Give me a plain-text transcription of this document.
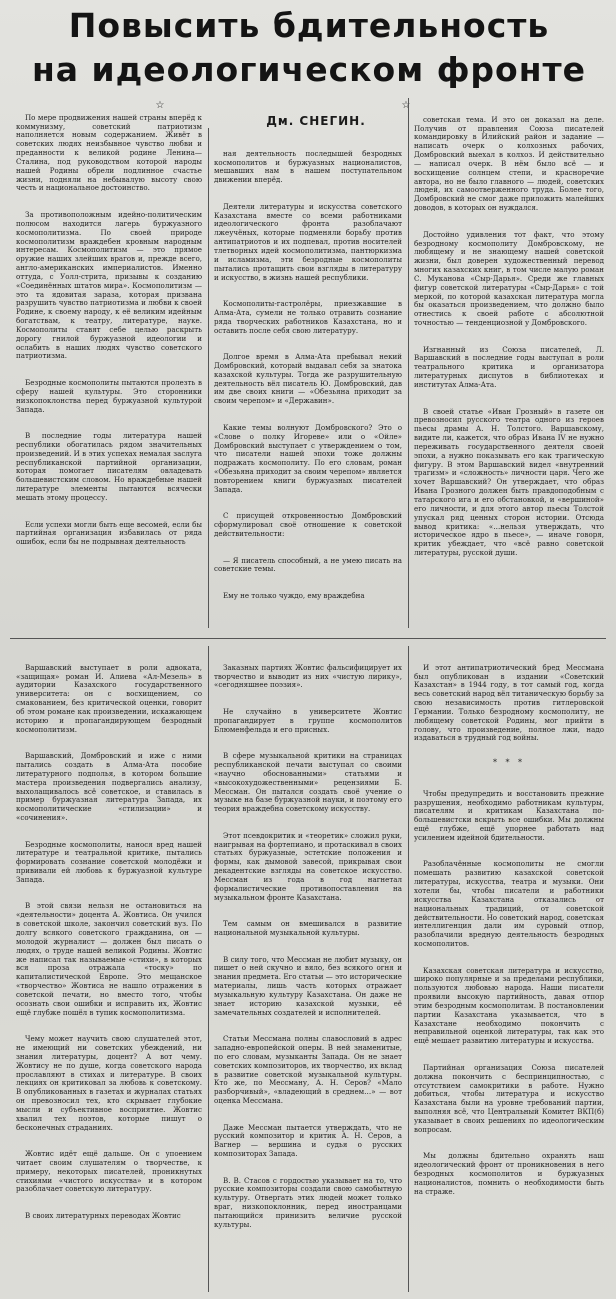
Повысить бдительность
на идеологическом фронте
☆
Дм. СНЕГИН.
☆

По мере продвижения нашей страны вперёд к коммунизму, советский патриотизм наполняется новым содержанием. Живёт в советских людях неизбывное чувство любви и преданности к великой родине Ленина—Сталина, под руководством которой народы нашей Родины обрели подлинное счастье жизни, подняли на небывалую высоту свою честь и национальное достоинство.

За противоположным идейно-политическим полюсом находится лагерь буржуазного космополитизма. По своей природе космополитизм враждебен кровным народным интересам. Космополитизм — это прямое оружие наших злейших врагов и, прежде всего, англо-американских империалистов. Именно оттуда, с Уолл-стрита, призывы к созданию «Соединённых штатов мира». Космополитизм — это та ядовитая зараза, которая призвана разрушить чувство патриотизма и любви к своей Родине, к своему народу, к её великим идейным богатствам, к театру, литературе, науке. Космополиты ставят себе целью раскрыть дорогу гнилой буржуазной идеологии и ослабить в наших людях чувство советского патриотизма.

Безродные космополиты пытаются пролезть в сферу нашей культуры. Это сторонники низкопоклонства перед буржуазной культурой Запада.

В последние годы литература нашей республики обогатилась рядом значительных произведений. И в этих успехах немалая заслуга республиканской партийной организации, которая помогает писателям овладевать большевистским словом. Но враждебные нашей литературе элементы пытаются всячески мешать этому процессу.

Если успехи могли быть еще весомей, если бы партийная организация избавилась от ряда ошибок, если бы не подрывная деятельность

ная деятельность последышей безродных космополитов и буржуазных националистов, мешавших нам в нашем поступательном движении вперёд.

Деятели литературы и искусства советского Казахстана вместе со всеми работниками идеологического фронта разоблачают лжеучёных, которые подменяли борьбу против антипатриотов и их подпевал, против носителей тлетворных идей космополитизма, пантюркизма и исламизма, эти безродные космополиты пытались протащить свои взгляды в литературу и искусство, в жизнь нашей республики.

Космополиты-гастролёры, приезжавшие в Алма-Ата, сумели не только отравить сознание ряда творческих работников Казахстана, но и оставить после себя свою литературу.

Долгое время в Алма-Ата пребывал некий Домбровский, который выдавал себя за знатока казахской культуры. Тогда же разрушительную деятельность вёл писатель Ю. Домбровский, дав им две своих книги — «Обезьяна приходит за своим черепом» и «Державин».

Какие темы волнуют Домбровского? Это о «Слове о полку Игореве» или о «Ойле» Домбровский выступает с утверждением о том, что писатели нашей эпохи тоже должны подражать космополиту. По его словам, роман «Обезьяна приходит за своим черепом» является повторением книги буржуазных писателей Запада.

С присущей откровенностью Домбровский сформулировал своё отношение к советской действительности:

— Я писатель способный, а не умею писать на советские темы.

Ему не только чуждо, ему враждебна

советская тема. И это он доказал на деле. Получив от правления Союза писателей командировку в Илийский район и задание — написать очерк о колхозных рабочих, Домбровский выехал в колхоз. И действительно — написал очерк. В нём было всё — и восхищение солнцем степи, и красноречие автора, но не было главного — людей, советских людей, их самоотверженного труда. Более того, Домбровский не смог даже приложить малейших доводов, в которых он нуждался.

Достойно удивления тот факт, что этому безродному космополиту Домбровскому, не любящему и не знающему нашей советской жизни, был доверен художественный перевод многих казахских книг, в том числе малую роман С. Муканова «Сыр-Дарья». Среди же главных фигур советской литературы «Сыр-Дарья» с той меркой, по которой казахская литература могла бы оказаться произведением, что должно было отнестись к своей работе с абсолютной точностью — тенденциозной у Домбровского.

Изгнанный из Союза писателей, Л. Варшавский в последние годы выступал в роли театрального критика и организатора литературных диспутов в библиотеках и институтах Алма-Ата.

В своей статье «Иван Грозный» в газете он превозносил русского театра одного из героев пьесы драмы А. Н. Толстого. Варшавскому, видите ли, кажется, что образ Ивана IV не нужно переживать государственного деятеля своей эпохи, а нужно показывать его как трагическую фигуру. В этом Варшавский видел «внутренний трагизм» и «сложность» личности царя. Чего же хочет Варшавский? Он утверждает, что образ Ивана Грозного должен быть правдоподобным с татарского ига и его обстановкой, и «вершиной» его личности, и для этого автор пьесы Толстой упускал ряд ценных сторон истории. Отсюда вывод критика: «…нельзя утверждать, что историческое ядро в пьесе», — иначе говоря, критик убеждает, что «всё равно советской литературы, русской души.

Варшавский выступает в роли адвоката, «защищая» роман И. Алиева «Ал-Мезель» в аудитории Казахского государственного университета: он с восхищением, со смакованием, без критической оценки, говорит об этом романе как произведении, искажающем историю и пропагандирующем безродный космополитизм.

Варшавский, Домбровский и иже с ними пытались создать в Алма-Ата пособие литературного подполья, в котором большие мастера произведения подвергались анализу, выхолащивалось всё советское, и ставилась в пример буржуазная литература Запада, их космополитические «стилизации» и «сочинения».

Безродные космополиты, нанося вред нашей литературе и театральной критике, пытались формировать сознание советской молодёжи и прививали ей любовь к буржуазной культуре Запада.

В этой связи нельзя не остановиться на «деятельности» доцента А. Жовтиса. Он учился в советской школе, закончил советский вуз. По долгу всякого советского гражданина, он — молодой журналист — должен был писать о людях, о труде нашей великой Родины. Жовтис же написал так называемые «стихи», в которых вся проза отражала «тоску» по капиталистической Европе. Это мещанское «творчество» Жовтиса не нашло отражения в советской печати, но вместо того, чтобы осознать свои ошибки и исправить их, Жовтис ещё глубже пошёл в тупик космополитизма.

Чему может научить свою слушателей этот, не имеющий ни советских убеждений, ни знания литературы, доцент? А вот чему. Жовтису не по душе, когда советского народа прославляют в стихах и литературе. В своих лекциях он критиковал за любовь к советскому. В опубликованных в газетах и журналах статьях он превозносил тех, кто скрывает глубокие мысли и субъективное восприятие. Жовтис хвалил тех поэтов, которые пишут о бесконечных страданиях.

Жовтис идёт ещё дальше. Он с упоением читает своим слушателям о творчестве, к примеру, некоторых писателей, проникнутых стихиями «чистого искусства» и в котором разоблачает советскую литературу.

В своих литературных переводах Жовтис

Заказных партиях Жовтис фальсифицирует их творчество и выводит из них «чистую лирику», «сегодняшнее поэзия».

Не случайно в университете Жовтис пропагандирует в группе космополитов Блюменфельда и его присных.

В сфере музыкальной критики на страницах республиканской печати выступал со своими «научно обоснованными» статьями и «высокохудожественными» рецензиями Б. Мессман. Он пытался создать своё учение о музыке на базе буржуазной науки, и поэтому его теория враждебна советскому искусству.

Этот псевдокритик и «теоретик» сложил руки, наигрывая на фортепиано, и протаскивал в своих статьях буржуазные, эстетские положения и формы, как дымовой завесой, прикрывая свои декадентские взгляды на советское искусство. Мессман из года в год нагнетал формалистические противопоставления на музыкальном фронте Казахстана.

Тем самым он вмешивался в развитие национальной музыкальной культуры.

В силу того, что Мессман не любит музыку, он пишет о ней скучно и вяло, без всякого огня и знания предмета. Его статьи — это исторические материалы, лишь часть которых отражает музыкальную культуру Казахстана. Он даже не знает историю казахской музыки, её замечательных создателей и исполнителей.

Статьи Мессмана полны славословий в адрес западно-европейской оперы. В ней знаменитые, по его словам, музыканты Запада. Он не знает советских композиторов, их творчество, их вклад в развитие советской музыкальной культуры. Кто же, по Мессману, А. Н. Серов? «Мало разборчивый», «владеющий в среднем…» — вот оценка Мессмана.

Даже Мессман пытается утверждать, что не русский композитор и критик А. Н. Серов, а Вагнер — вершина и судья о русских композиторах Запада.

В. В. Стасов с гордостью указывает на то, что русские композиторы создали свою самобытную культуру. Отвергать этих людей может только враг, низкопоклонник, перед иностранцами пытающийся принизить величие русской культуры.

И этот антипатриотический бред Мессмана был опубликован в издании «Советский Казахстан» в 1944 году, в тот самый год, когда весь советский народ вёл титаническую борьбу за свою независимость против гитлеровской Германии. Только безродному космополиту, не любящему советской Родины, мог прийти в голову, что произведение, полное лжи, надо издаваться в трудный год войны.

* * *

Чтобы предупредить и восстановить прежние разрушения, необходимо работникам культуры, писателям и критикам Казахстана по-большевистски вскрыть все ошибки. Мы должны ещё глубже, ещё упорнее работать над усилением идейной бдительности.

Разоблачённые космополиты не смогли помешать развитию казахской советской литературы, искусства, театра и музыки. Они хотели бы, чтобы писатели и работники искусства Казахстана отказались от национальных традиций, от советской действительности. Но советский народ, советская интеллигенция дали им суровый отпор, разоблачили вредную деятельность безродных космополитов.

Казахская советская литература и искусство, широко популярные и за пределами республики, пользуются любовью народа. Наши писатели проявили высокую партийность, давая отпор этим безродным космополитам. В постановлении партии Казахстана указывается, что в Казахстане необходимо покончить с неправильной оценкой литературы, так как это ещё мешает развитию литературы и искусства.

Партийная организация Союза писателей должна покончить с беспринципностью, с отсутствием самокритики в работе. Нужно добиться, чтобы литература и искусство Казахстана были на уровне требований партии, выполняя всё, что Центральный Комитет ВКП(б) указывает в своих решениях по идеологическим вопросам.

Мы должны бдительно охранять наш идеологический фронт от проникновения в него безродных космополитов и буржуазных националистов, помнить о необходимости быть на страже.
